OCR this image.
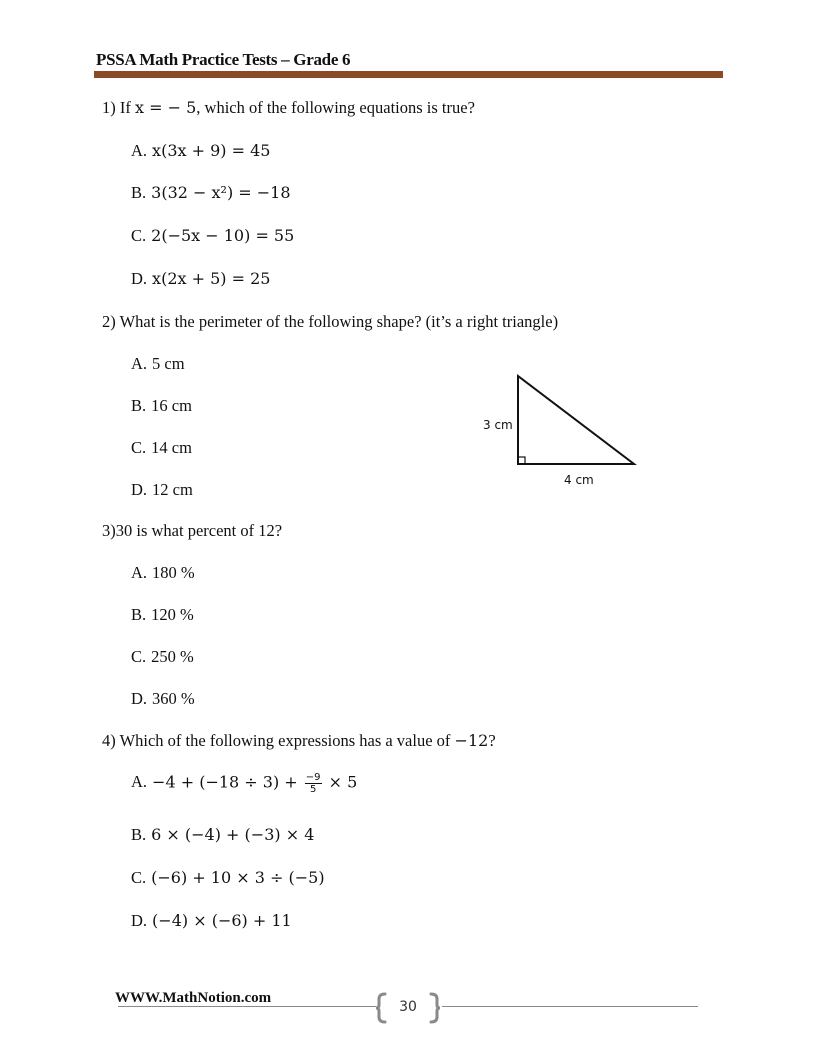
PSSA Math Practice Tests – Grade 6
1) If x = − 5, which of the following equations is true?
A. x(3x + 9) = 45
B. 3(32 − x²) = −18
C. 2(−5x − 10) = 55
D. x(2x + 5) = 25
2) What is the perimeter of the following shape? (it’s a right triangle)
A. 5 cm
B. 16 cm
C. 14 cm
D. 12 cm
3 cm
4 cm
3)30 is what percent of 12?
A. 180 %
B. 120 %
C. 250 %
D. 360 %
4) Which of the following expressions has a value of −12?
A. $-4 + (-18 \div 3) + \frac{-9}{5} \times 5$
B. 6 × (−4) + (−3) × 4
C. (−6) + 10 × 3 ÷ (−5)
D. (−4) × (−6) + 11
WWW.MathNotion.com
30
